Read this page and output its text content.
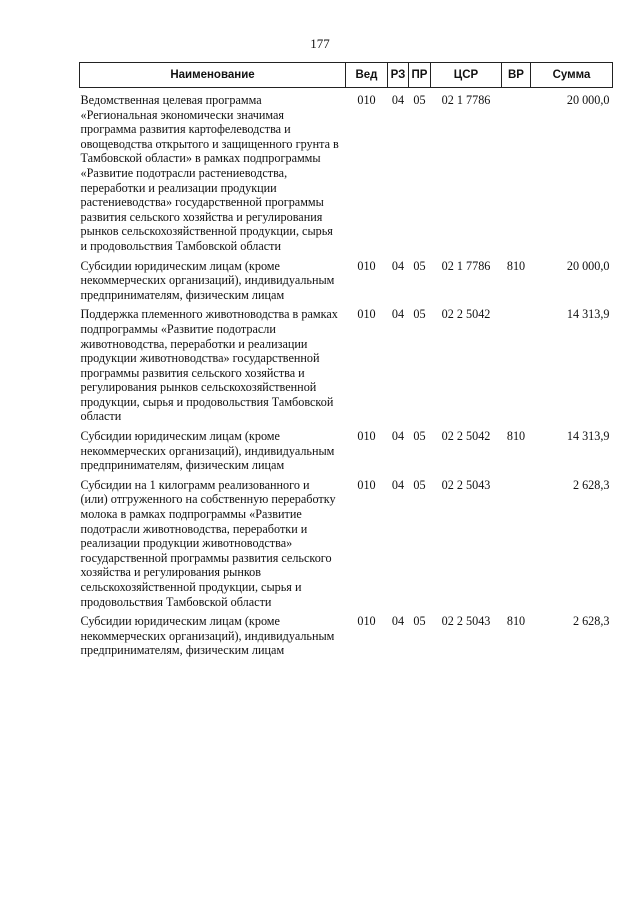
177
Наименование	Вед	РЗ	ПР	ЦСР	ВР	Сумма
Ведомственная целевая программа «Региональная экономически значимая программа развития картофелеводства и овощеводства открытого и защищенного грунта в Тамбовской области» в рамках подпрограммы «Развитие подотрасли растениеводства, переработки и реализации продукции растениеводства» государственной программы развития сельского хозяйства и регулирования рынков сельскохозяйственной продукции, сырья и продовольствия Тамбовской области	010	04	05	02 1 7786		20 000,0
Субсидии юридическим лицам (кроме некоммерческих организаций), индивидуальным предпринимателям, физическим лицам	010	04	05	02 1 7786	810	20 000,0
Поддержка племенного животноводства в рамках подпрограммы «Развитие подотрасли животноводства, переработки и реализации продукции животноводства» государственной программы развития сельского хозяйства и регулирования рынков сельскохозяйственной продукции, сырья и продовольствия Тамбовской области	010	04	05	02 2 5042		14 313,9
Субсидии юридическим лицам (кроме некоммерческих организаций), индивидуальным предпринимателям, физическим лицам	010	04	05	02 2 5042	810	14 313,9
Субсидии на 1 килограмм реализованного и (или) отгруженного на собственную переработку молока в рамках подпрограммы «Развитие подотрасли животноводства, переработки и реализации продукции животноводства» государственной программы развития сельского хозяйства и регулирования рынков сельскохозяйственной продукции, сырья и продовольствия Тамбовской области	010	04	05	02 2 5043		2 628,3
Субсидии юридическим лицам (кроме некоммерческих организаций), индивидуальным предпринимателям, физическим лицам	010	04	05	02 2 5043	810	2 628,3
